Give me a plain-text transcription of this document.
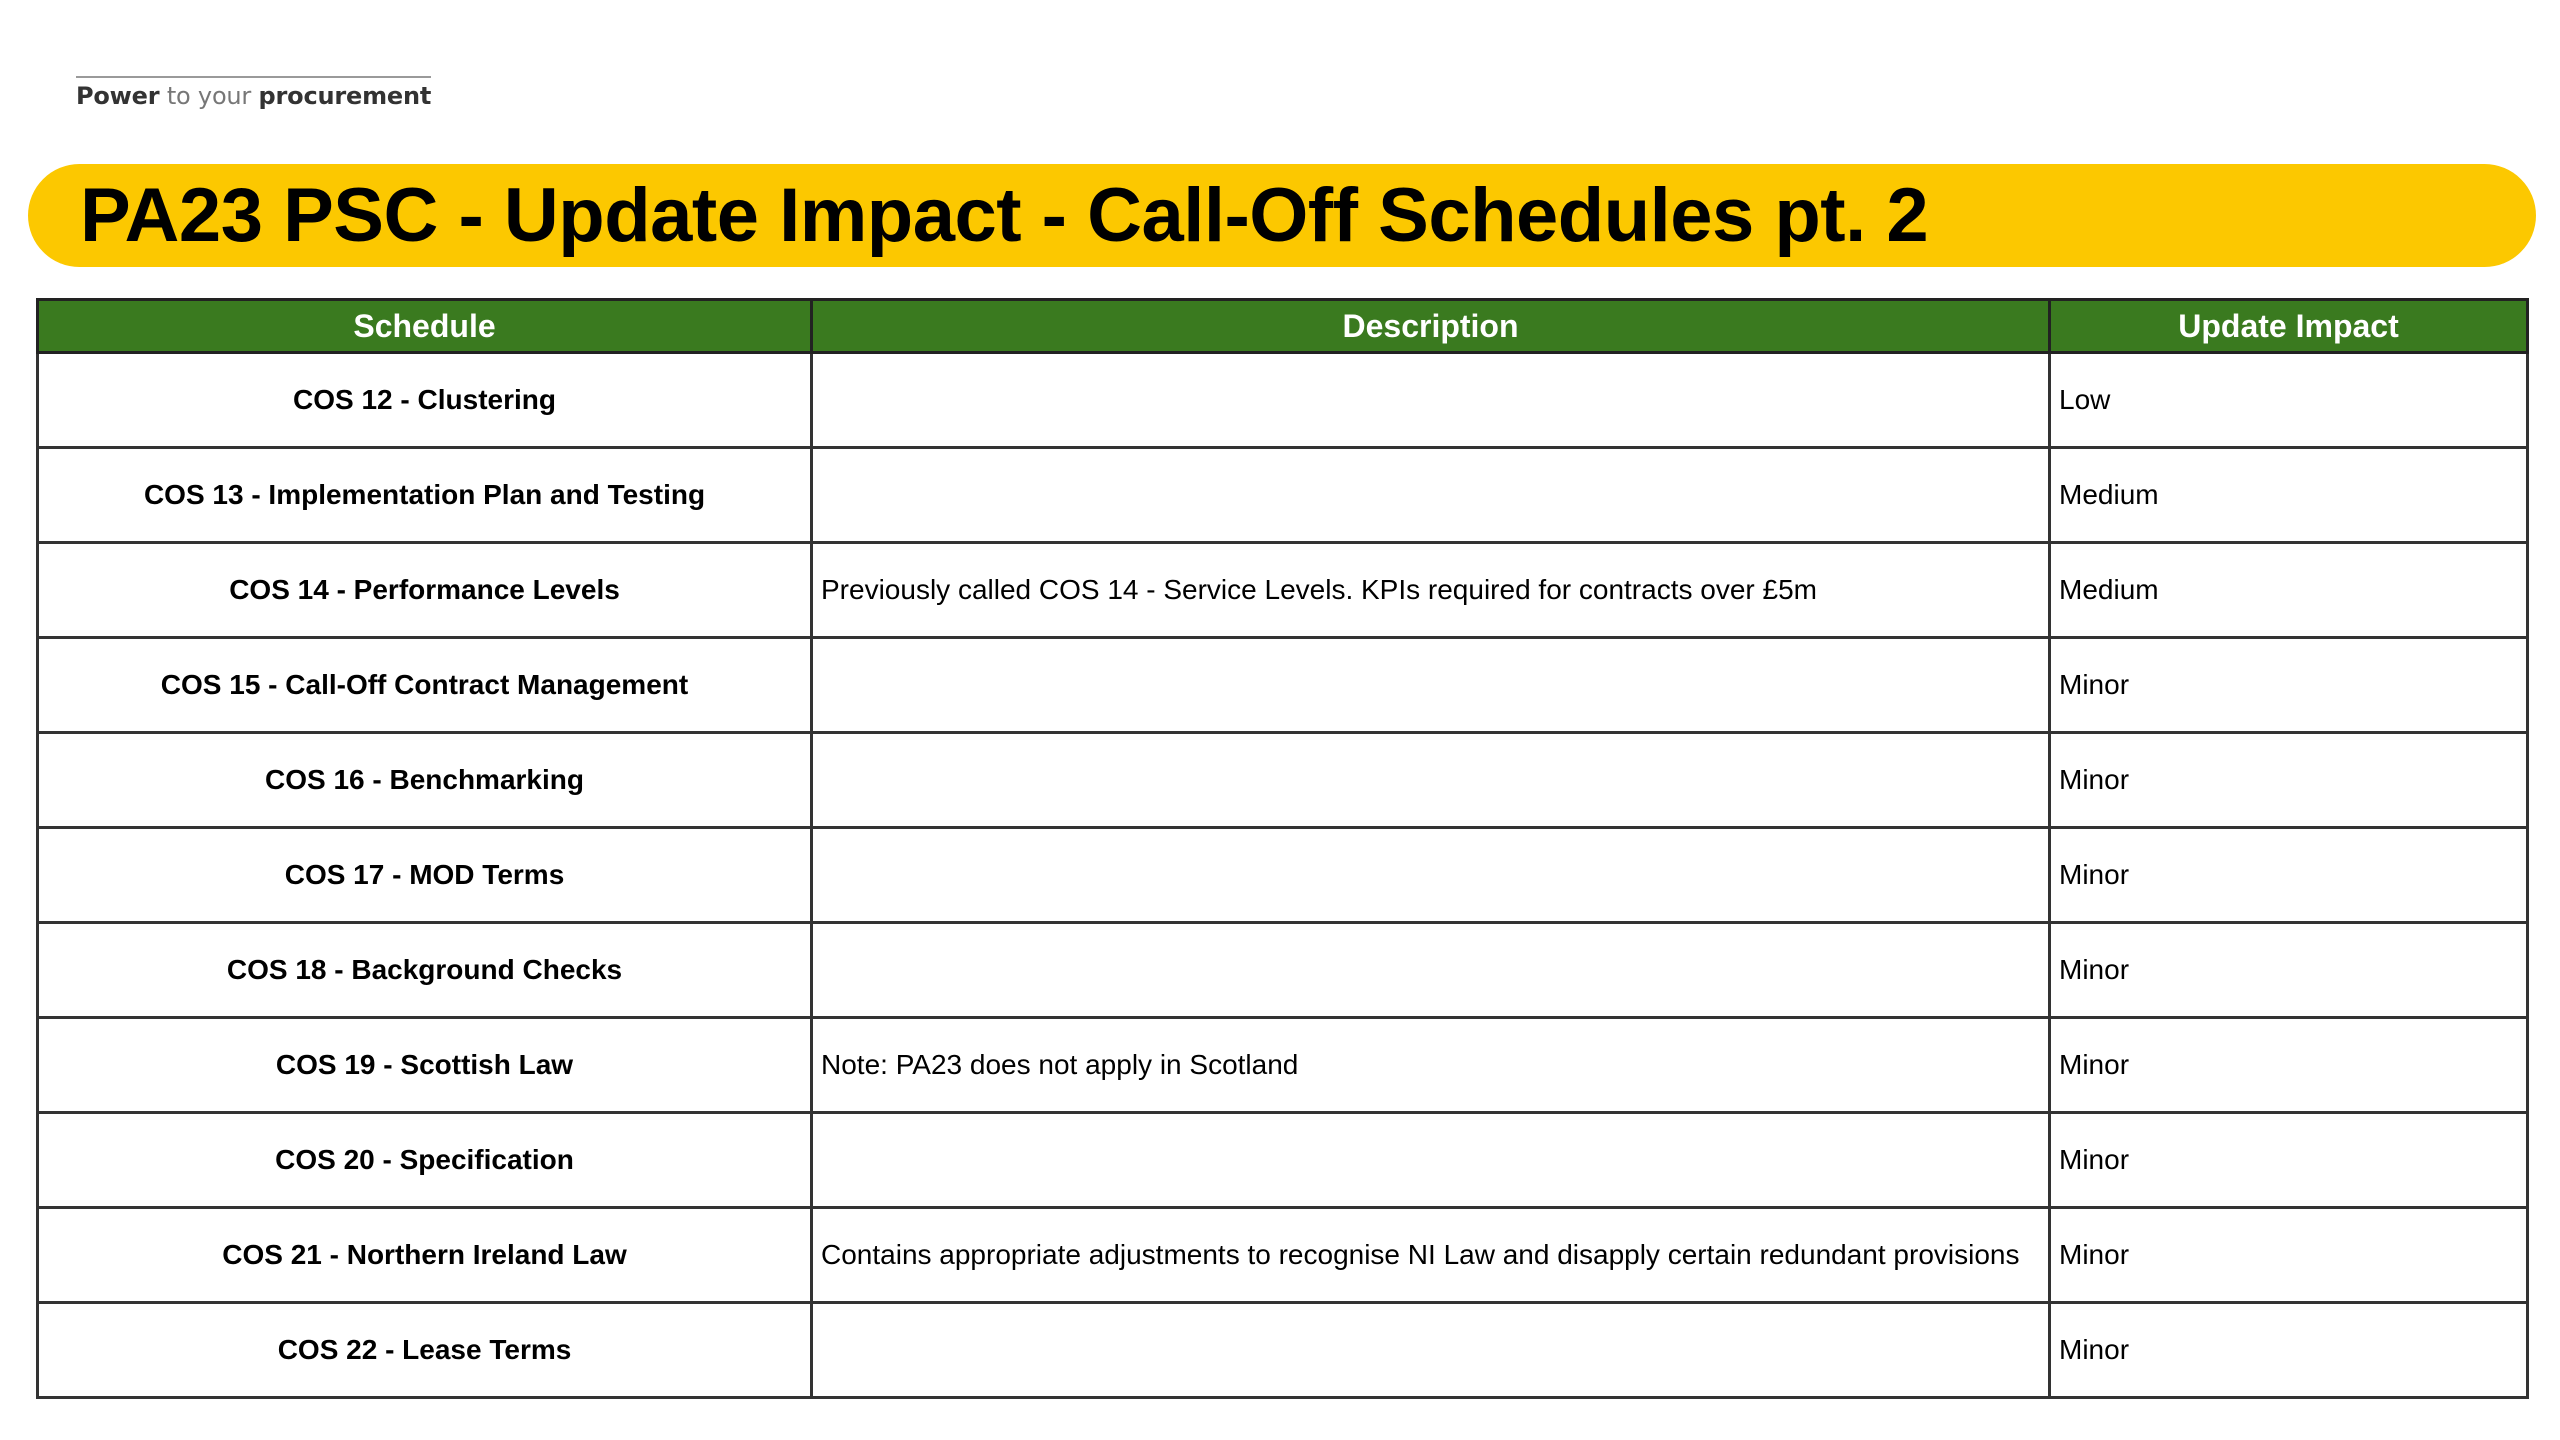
Power to your procurement
PA23 PSC - Update Impact - Call-Off Schedules pt. 2
Schedule	Description	Update Impact
COS 12 - Clustering		Low
COS 13 - Implementation Plan and Testing		Medium
COS 14 - Performance Levels	Previously called COS 14 - Service Levels. KPIs required for contracts over £5m	Medium
COS 15 - Call-Off Contract Management		Minor
COS 16 - Benchmarking		Minor
COS 17 - MOD Terms		Minor
COS 18 - Background Checks		Minor
COS 19 - Scottish Law	Note: PA23 does not apply in Scotland	Minor
COS 20 - Specification		Minor
COS 21 - Northern Ireland Law	Contains appropriate adjustments to recognise NI Law and disapply certain redundant provisions	Minor
COS 22 - Lease Terms		Minor
